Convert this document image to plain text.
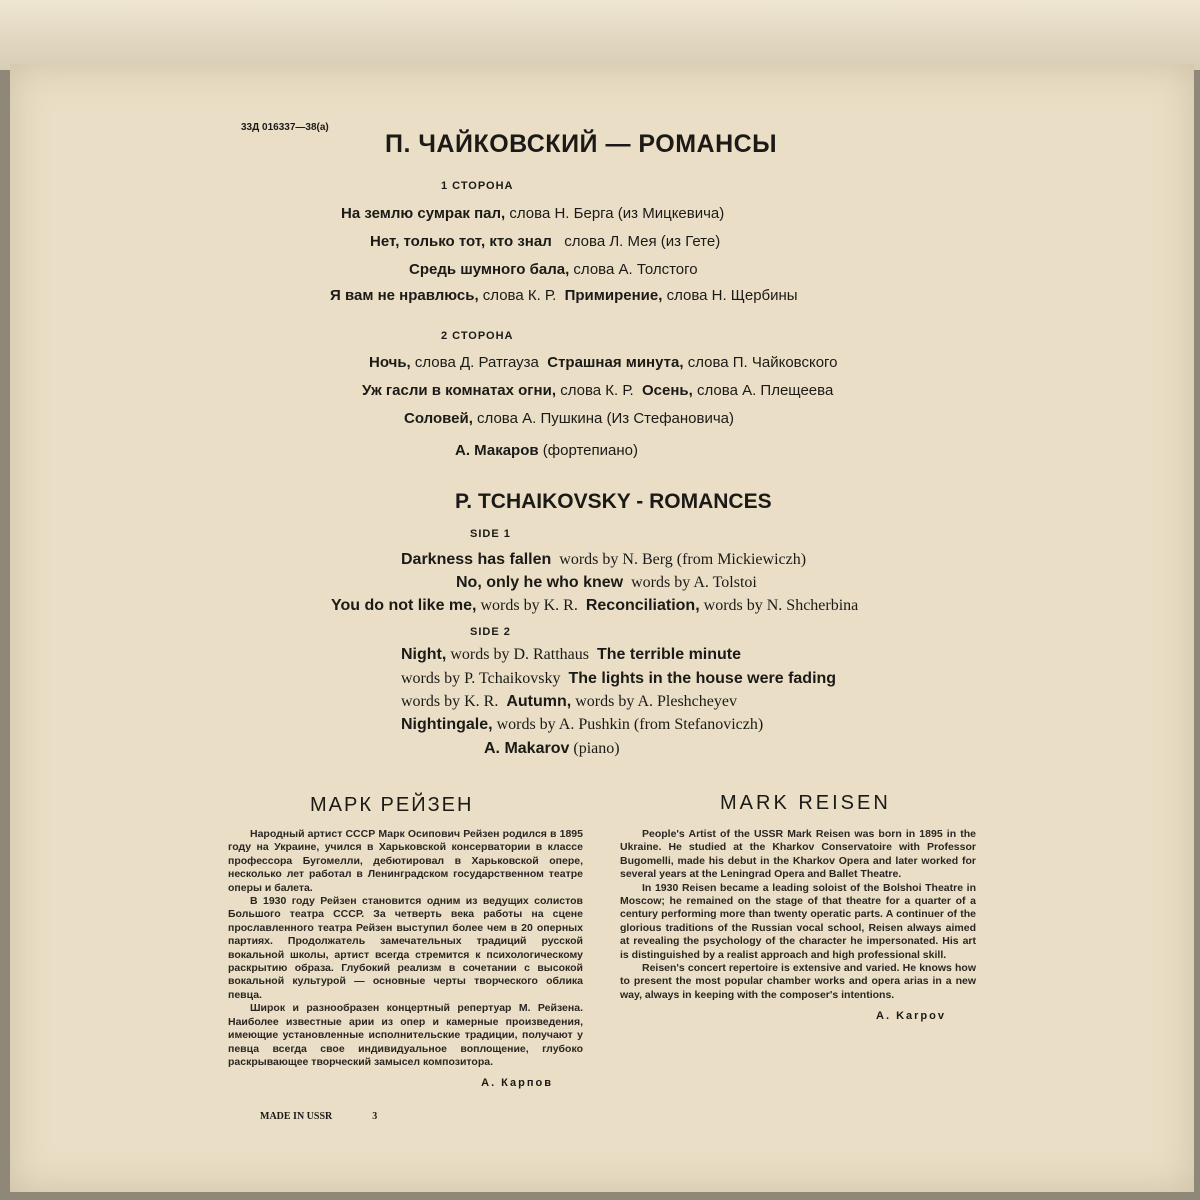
33Д 016337—38(а)
П. ЧАЙКОВСКИЙ — РОМАНСЫ
1 СТОРОНА
На землю сумрак пал, слова Н. Берга (из Мицкевича)
Нет, только тот, кто знал слова Л. Мея (из Гете)
Средь шумного бала, слова А. Толстого
Я вам не нравлюсь, слова К. Р. Примирение, слова Н. Щербины
2 СТОРОНА
Ночь, слова Д. Ратгауза Страшная минута, слова П. Чайковского
Уж гасли в комнатах огни, слова К. Р. Осень, слова А. Плещеева
Соловей, слова А. Пушкина (Из Стефановича)
А. Макаров (фортепиано)
P. TCHAIKOVSKY - ROMANCES
SIDE 1
Darkness has fallen words by N. Berg (from Mickiewiczh)
No, only he who knew words by A. Tolstoi
You do not like me, words by K. R. Reconciliation, words by N. Shcherbina
SIDE 2
Night, words by D. Ratthaus The terrible minute
words by P. Tchaikovsky The lights in the house were fading
words by K. R. Autumn, words by A. Pleshcheyev
Nightingale, words by A. Pushkin (from Stefanoviczh)
A. Makarov (piano)
МАРК РЕЙЗЕН

Народный артист СССР Марк Осипович Рейзен родился в 1895 году на Украине, учился в Харьковской консерватории в классе профессора Бугомелли, дебютировал в Харьковской опере, несколько лет работал в Ленинградском государственном театре оперы и балета.

В 1930 году Рейзен становится одним из ведущих солистов Большого театра СССР. За четверть века работы на сцене прославленного театра Рейзен выступил более чем в 20 оперных партиях. Продолжатель замечательных традиций русской вокальной школы, артист всегда стремится к психологическому раскрытию образа. Глубокий реализм в сочетании с высокой вокальной культурой — основные черты творческого облика певца.

Широк и разнообразен концертный репертуар М. Рейзена. Наиболее известные арии из опер и камерные произведения, имеющие установленные исполнительские традиции, получают у певца всегда свое индивидуальное воплощение, глубоко раскрывающее творческий замысел композитора.

А. Карпов
MADE IN USSR	3
MARK REISEN

People's Artist of the USSR Mark Reisen was born in 1895 in the Ukraine. He studied at the Kharkov Conservatoire with Professor Bugomelli, made his debut in the Kharkov Opera and later worked for several years at the Leningrad Opera and Ballet Theatre.

In 1930 Reisen became a leading soloist of the Bolshoi Theatre in Moscow; he remained on the stage of that theatre for a quarter of a century performing more than twenty operatic parts. A continuer of the glorious traditions of the Russian vocal school, Reisen always aimed at revealing the psychology of the character he impersonated. His art is distinguished by a realist approach and high professional skill.

Reisen's concert repertoire is extensive and varied. He knows how to present the most popular chamber works and opera arias in a new way, always in keeping with the composer's intentions.

A. Karpov
